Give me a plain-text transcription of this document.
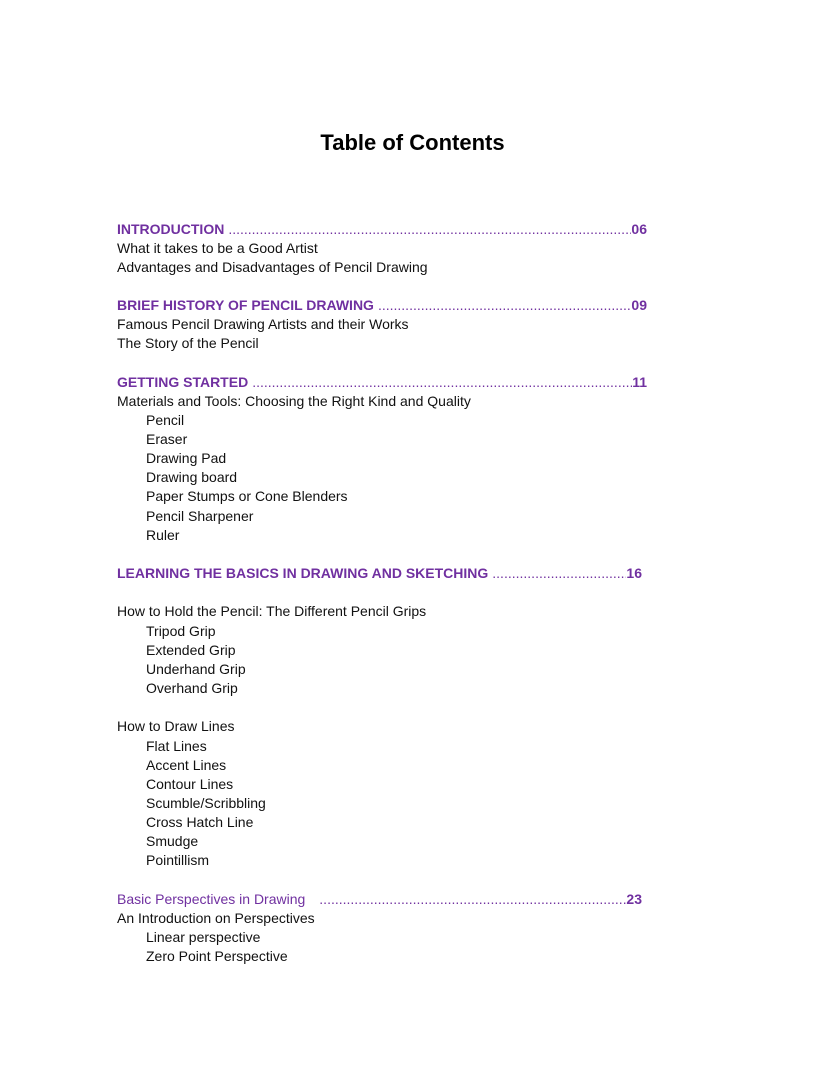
Table of Contents
INTRODUCTION .....	06
What it takes to be a Good Artist
Advantages and Disadvantages of Pencil Drawing
BRIEF HISTORY OF PENCIL DRAWING .....	09
Famous Pencil Drawing Artists and their Works
The Story of the Pencil
GETTING STARTED .....	11
Materials and Tools: Choosing the Right Kind and Quality
Pencil
Eraser
Drawing Pad
Drawing board
Paper Stumps or Cone Blenders
Pencil Sharpener
Ruler
LEARNING THE BASICS IN DRAWING AND SKETCHING .....	16
How to Hold the Pencil: The Different Pencil Grips
Tripod Grip
Extended Grip
Underhand Grip
Overhand Grip
How to Draw Lines
Flat Lines
Accent Lines
Contour Lines
Scumble/Scribbling
Cross Hatch Line
Smudge
Pointillism
Basic Perspectives in Drawing .....	23
An Introduction on Perspectives
Linear perspective
Zero Point Perspective
